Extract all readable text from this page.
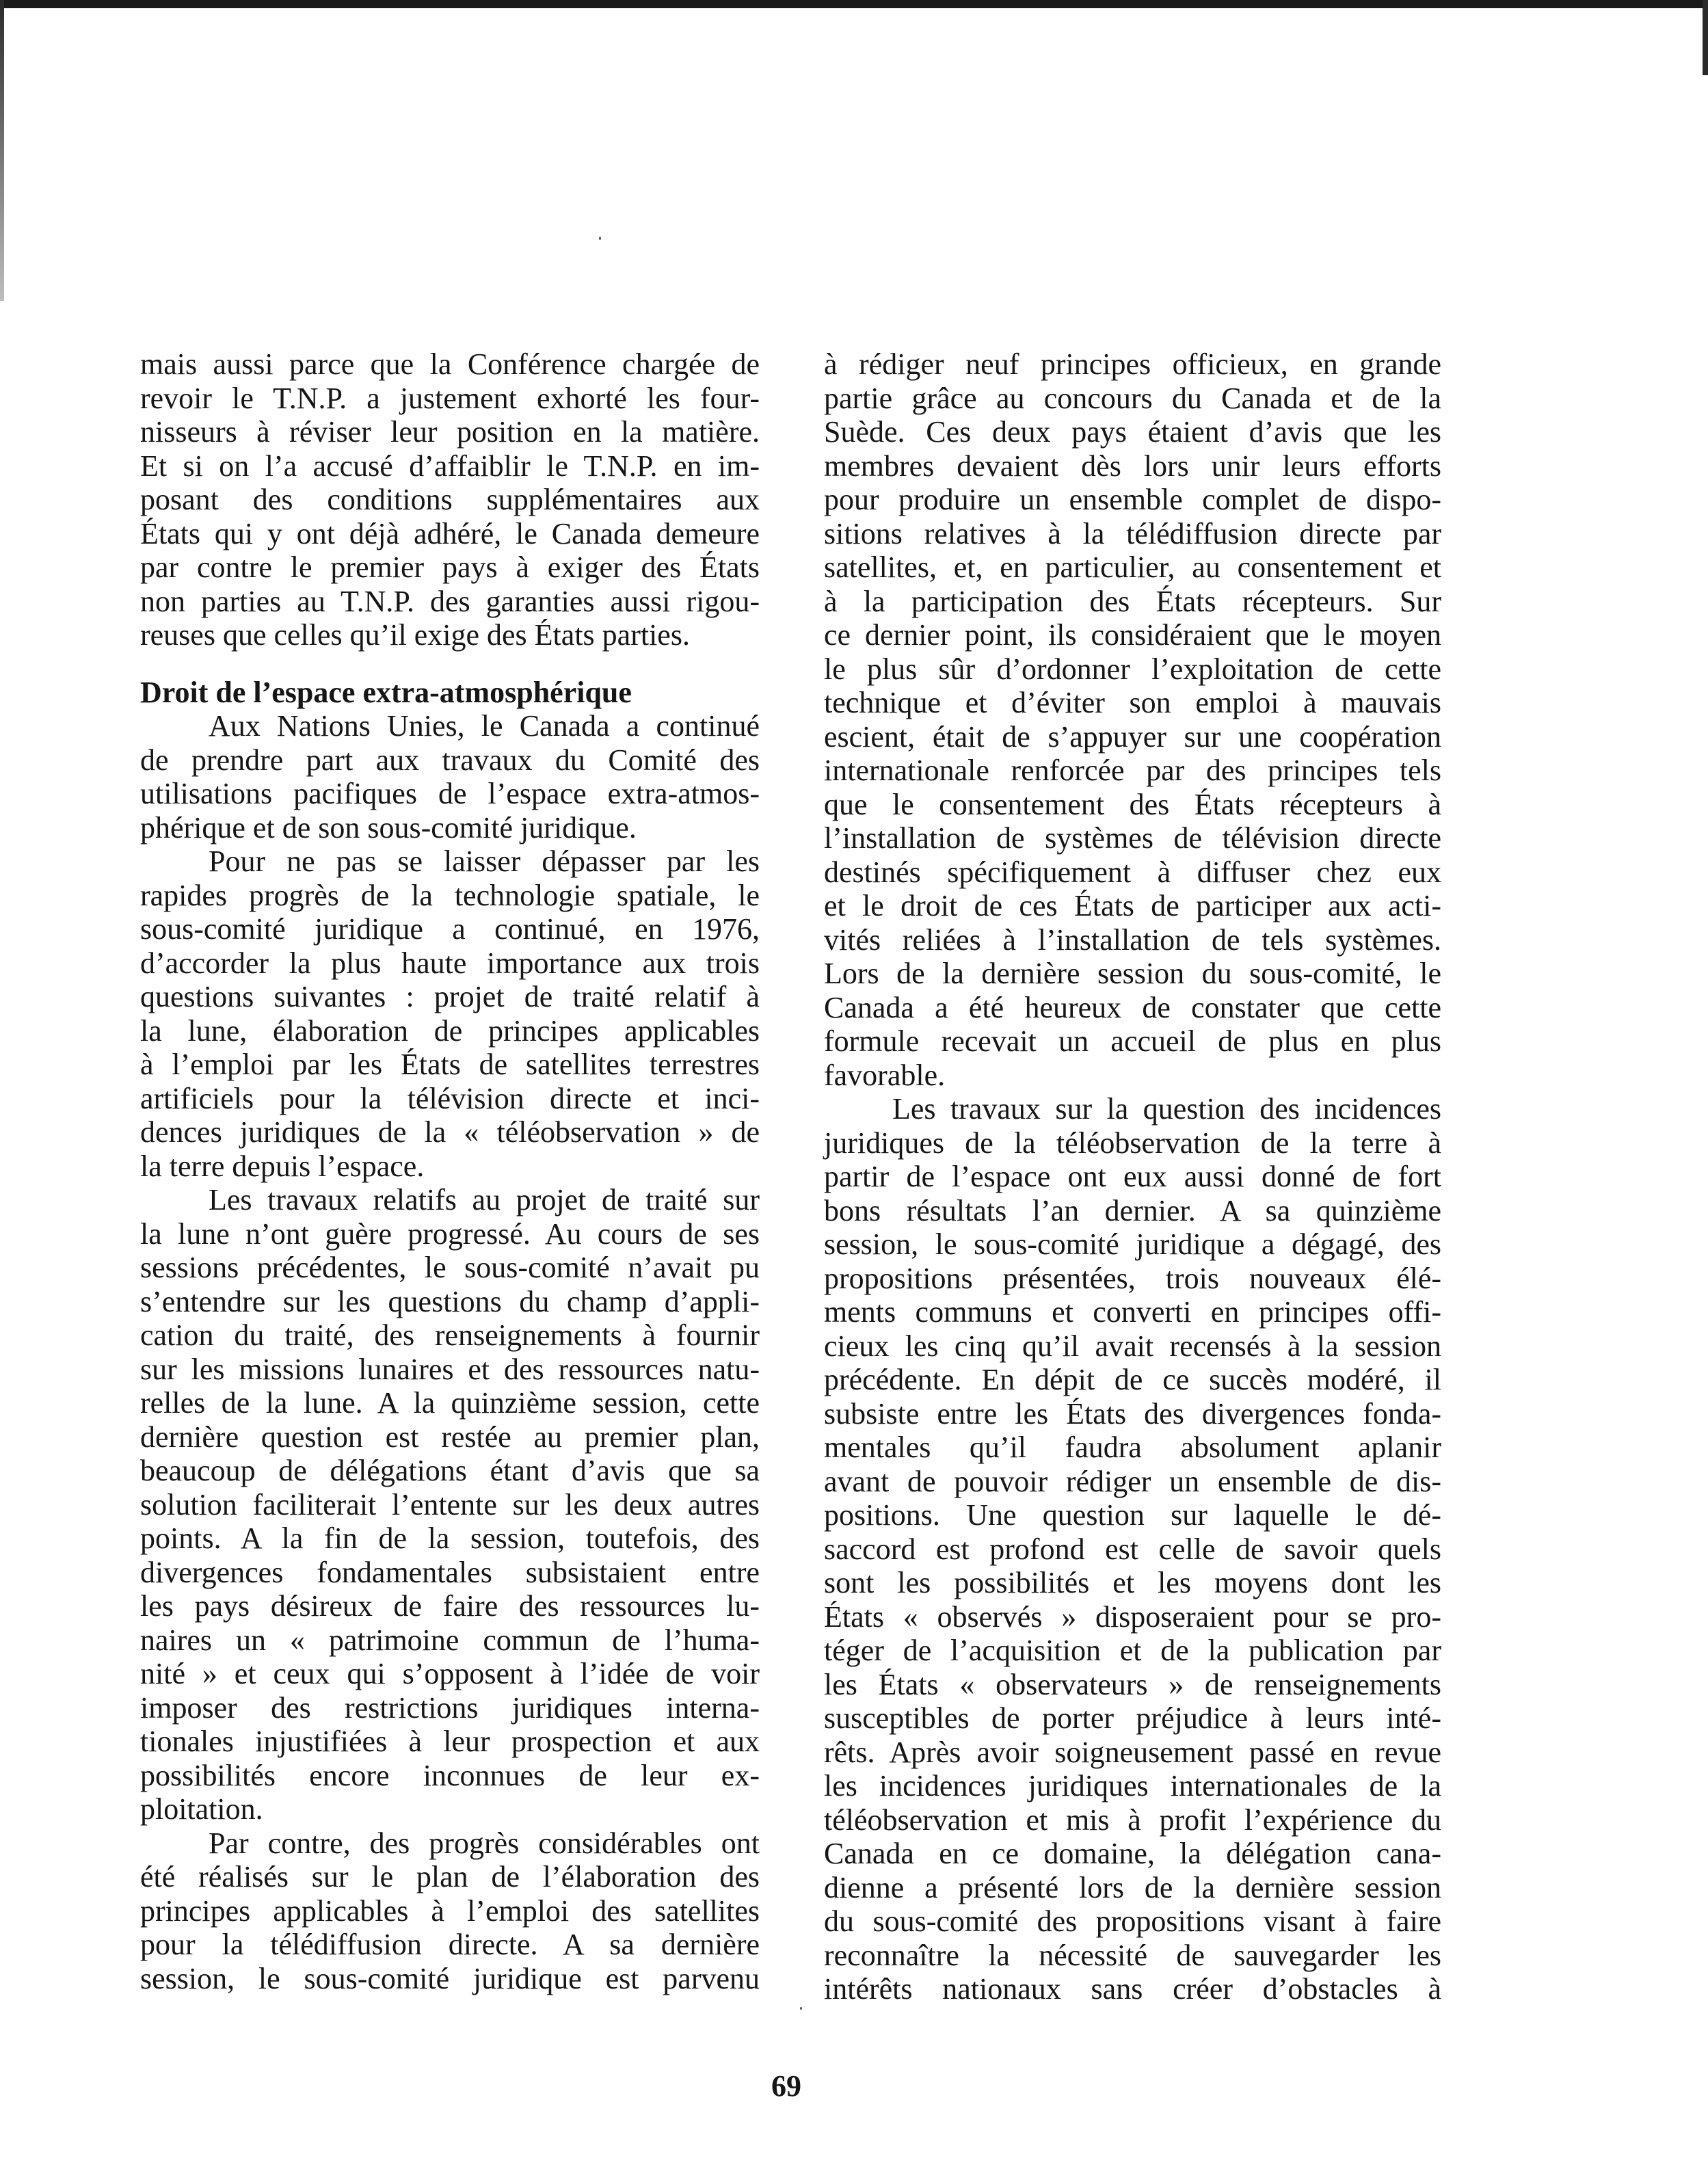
mais aussi parce que la Conférence chargée de
revoir le T.N.P. a justement exhorté les four-
nisseurs à réviser leur position en la matière.
Et si on l’a accusé d’affaiblir le T.N.P. en im-
posant des conditions supplémentaires aux
États qui y ont déjà adhéré, le Canada demeure
par contre le premier pays à exiger des États
non parties au T.N.P. des garanties aussi rigou-
reuses que celles qu’il exige des États parties.
Droit de l’espace extra-atmosphérique
Aux Nations Unies, le Canada a continué
de prendre part aux travaux du Comité des
utilisations pacifiques de l’espace extra-atmos-
phérique et de son sous-comité juridique.
Pour ne pas se laisser dépasser par les
rapides progrès de la technologie spatiale, le
sous-comité juridique a continué, en 1976,
d’accorder la plus haute importance aux trois
questions suivantes : projet de traité relatif à
la lune, élaboration de principes applicables
à l’emploi par les États de satellites terrestres
artificiels pour la télévision directe et inci-
dences juridiques de la « téléobservation » de
la terre depuis l’espace.
Les travaux relatifs au projet de traité sur
la lune n’ont guère progressé. Au cours de ses
sessions précédentes, le sous-comité n’avait pu
s’entendre sur les questions du champ d’appli-
cation du traité, des renseignements à fournir
sur les missions lunaires et des ressources natu-
relles de la lune. A la quinzième session, cette
dernière question est restée au premier plan,
beaucoup de délégations étant d’avis que sa
solution faciliterait l’entente sur les deux autres
points. A la fin de la session, toutefois, des
divergences fondamentales subsistaient entre
les pays désireux de faire des ressources lu-
naires un « patrimoine commun de l’huma-
nité » et ceux qui s’opposent à l’idée de voir
imposer des restrictions juridiques interna-
tionales injustifiées à leur prospection et aux
possibilités encore inconnues de leur ex-
ploitation.
Par contre, des progrès considérables ont
été réalisés sur le plan de l’élaboration des
principes applicables à l’emploi des satellites
pour la télédiffusion directe. A sa dernière
session, le sous-comité juridique est parvenu
à rédiger neuf principes officieux, en grande
partie grâce au concours du Canada et de la
Suède. Ces deux pays étaient d’avis que les
membres devaient dès lors unir leurs efforts
pour produire un ensemble complet de dispo-
sitions relatives à la télédiffusion directe par
satellites, et, en particulier, au consentement et
à la participation des États récepteurs. Sur
ce dernier point, ils considéraient que le moyen
le plus sûr d’ordonner l’exploitation de cette
technique et d’éviter son emploi à mauvais
escient, était de s’appuyer sur une coopération
internationale renforcée par des principes tels
que le consentement des États récepteurs à
l’installation de systèmes de télévision directe
destinés spécifiquement à diffuser chez eux
et le droit de ces États de participer aux acti-
vités reliées à l’installation de tels systèmes.
Lors de la dernière session du sous-comité, le
Canada a été heureux de constater que cette
formule recevait un accueil de plus en plus
favorable.
Les travaux sur la question des incidences
juridiques de la téléobservation de la terre à
partir de l’espace ont eux aussi donné de fort
bons résultats l’an dernier. A sa quinzième
session, le sous-comité juridique a dégagé, des
propositions présentées, trois nouveaux élé-
ments communs et converti en principes offi-
cieux les cinq qu’il avait recensés à la session
précédente. En dépit de ce succès modéré, il
subsiste entre les États des divergences fonda-
mentales qu’il faudra absolument aplanir
avant de pouvoir rédiger un ensemble de dis-
positions. Une question sur laquelle le dé-
saccord est profond est celle de savoir quels
sont les possibilités et les moyens dont les
États « observés » disposeraient pour se pro-
téger de l’acquisition et de la publication par
les États « observateurs » de renseignements
susceptibles de porter préjudice à leurs inté-
rêts. Après avoir soigneusement passé en revue
les incidences juridiques internationales de la
téléobservation et mis à profit l’expérience du
Canada en ce domaine, la délégation cana-
dienne a présenté lors de la dernière session
du sous-comité des propositions visant à faire
reconnaître la nécessité de sauvegarder les
intérêts nationaux sans créer d’obstacles à
69
